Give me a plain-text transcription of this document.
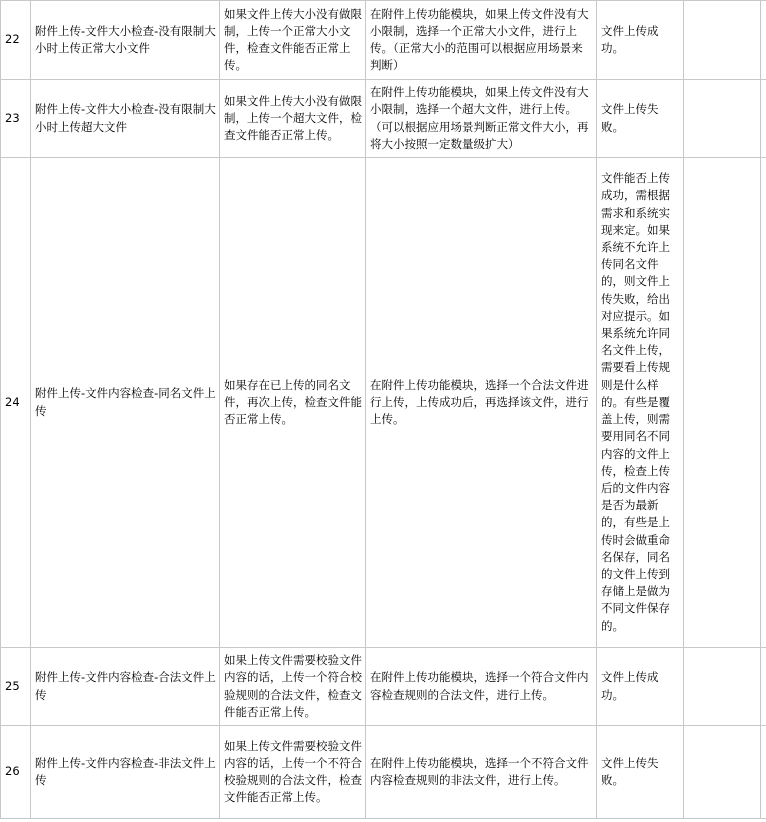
22	附件上传-文件大小检查-没有限制大小时上传正常大小文件	如果文件上传大小没有做限制，上传一个正常大小文件，检查文件能否正常上传。	在附件上传功能模块，如果上传文件没有大小限制，选择一个正常大小文件，进行上传。（正常大小的范围可以根据应用场景来判断）	文件上传成功。		
23	附件上传-文件大小检查-没有限制大小时上传超大文件	如果文件上传大小没有做限制，上传一个超大文件，检查文件能否正常上传。	在附件上传功能模块，如果上传文件没有大小限制，选择一个超大文件，进行上传。（可以根据应用场景判断正常文件大小，再将大小按照一定数量级扩大）	文件上传失败。		
24	附件上传-文件内容检查-同名文件上传	如果存在已上传的同名文件，再次上传，检查文件能否正常上传。	在附件上传功能模块，选择一个合法文件进行上传，上传成功后，再选择该文件，进行上传。	文件能否上传成功，需根据需求和系统实现来定。如果系统不允许上传同名文件的，则文件上传失败，给出对应提示。如果系统允许同名文件上传，需要看上传规则是什么样的。有些是覆盖上传，则需要用同名不同内容的文件上传，检查上传后的文件内容是否为最新的，有些是上传时会做重命名保存，同名的文件上传到存储上是做为不同文件保存的。		
25	附件上传-文件内容检查-合法文件上传	如果上传文件需要校验文件内容的话，上传一个符合校验规则的合法文件，检查文件能否正常上传。	在附件上传功能模块，选择一个符合文件内容检查规则的合法文件，进行上传。	文件上传成功。		
26	附件上传-文件内容检查-非法文件上传	如果上传文件需要校验文件内容的话，上传一个不符合校验规则的合法文件，检查文件能否正常上传。	在附件上传功能模块，选择一个不符合文件内容检查规则的非法文件，进行上传。	文件上传失败。		
